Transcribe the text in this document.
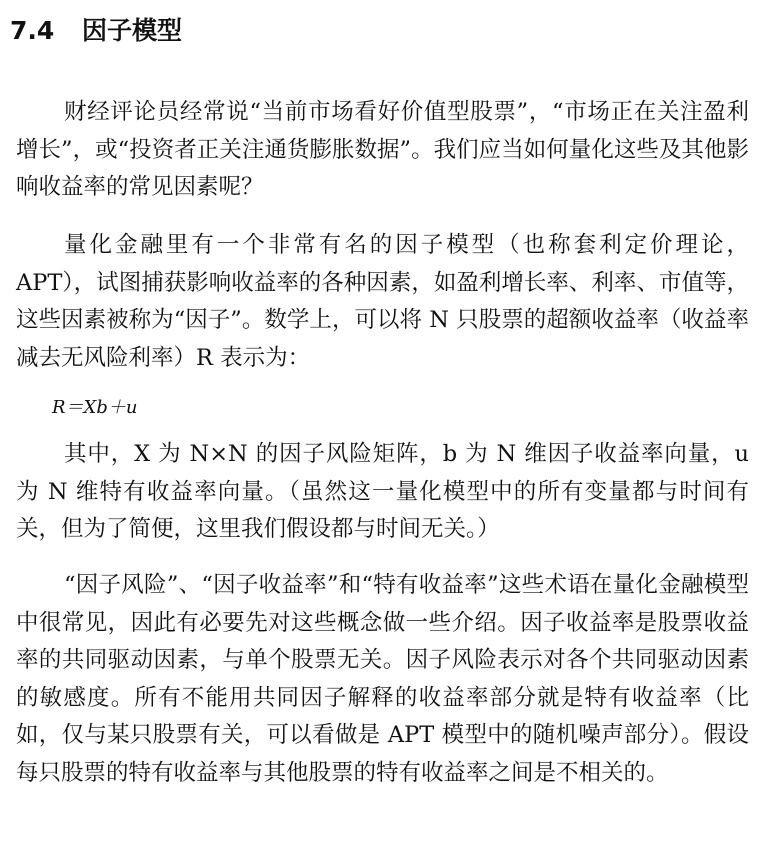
7.4 因子模型

财经评论员经常说“当前市场看好价值型股票”，“市场正在关注盈利增长”，或“投资者正关注通货膨胀数据”。我们应当如何量化这些及其他影响收益率的常见因素呢？

量化金融里有一个非常有名的因子模型（也称套利定价理论，APT），试图捕获影响收益率的各种因素，如盈利增长率、利率、市值等，这些因素被称为“因子”。数学上，可以将 N 只股票的超额收益率（收益率减去无风险利率）R 表示为：

R＝Xb＋u

其中，X 为 N×N 的因子风险矩阵，b 为 N 维因子收益率向量，u 为 N 维特有收益率向量。（虽然这一量化模型中的所有变量都与时间有关，但为了简便，这里我们假设都与时间无关。）

“因子风险”、“因子收益率”和“特有收益率”这些术语在量化金融模型中很常见，因此有必要先对这些概念做一些介绍。因子收益率是股票收益率的共同驱动因素，与单个股票无关。因子风险表示对各个共同驱动因素的敏感度。所有不能用共同因子解释的收益率部分就是特有收益率（比如，仅与某只股票有关，可以看做是 APT 模型中的随机噪声部分）。假设每只股票的特有收益率与其他股票的特有收益率之间是不相关的。
